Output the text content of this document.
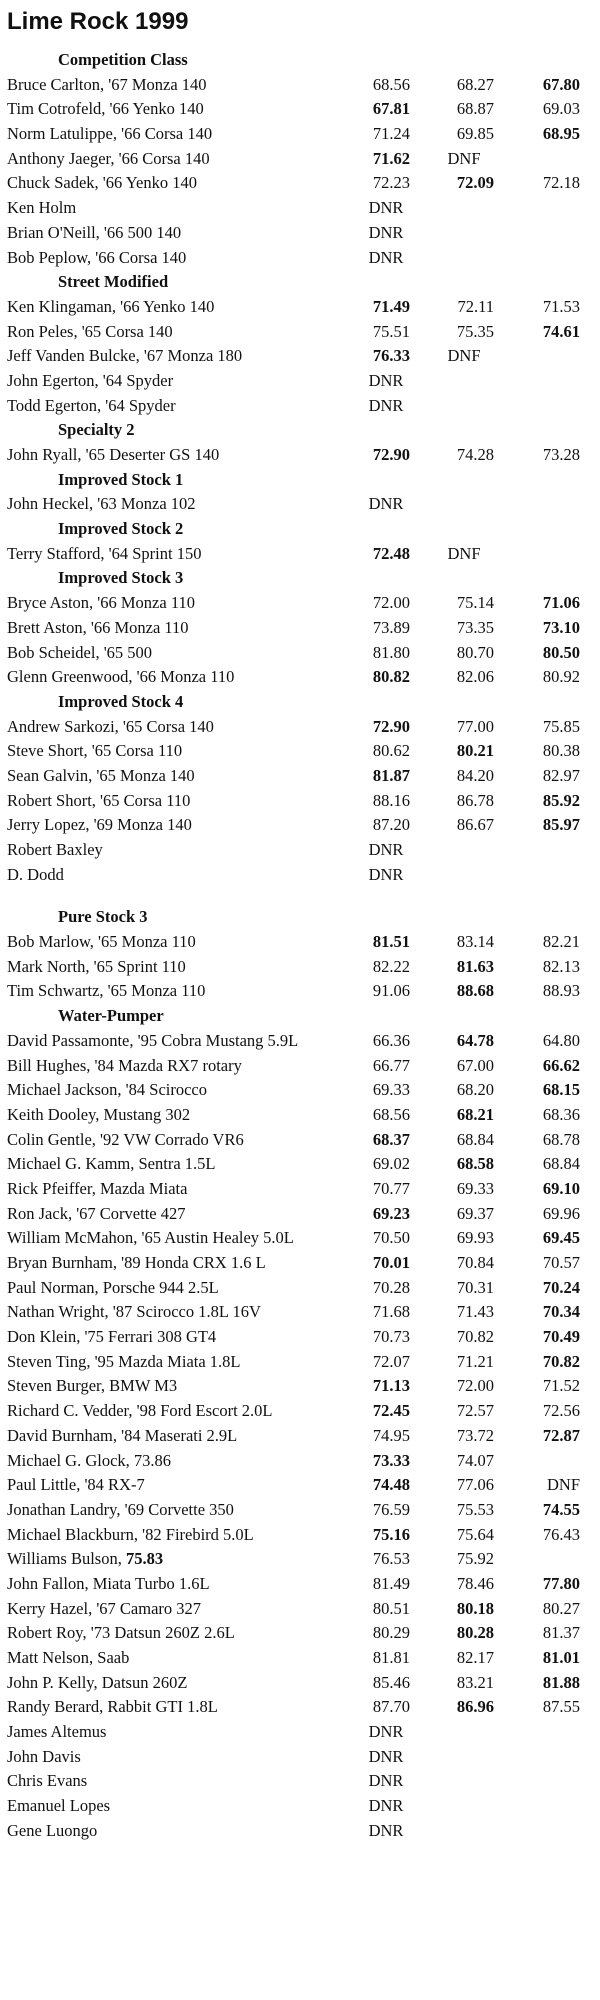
Lime Rock 1999
Competition Class
Bruce Carlton, '67 Monza 140	68.56	68.27	67.80
Tim Cotrofeld, '66 Yenko 140	67.81	68.87	69.03
Norm Latulippe, '66 Corsa 140	71.24	69.85	68.95
Anthony Jaeger, '66 Corsa 140	71.62	DNF
Chuck Sadek, '66 Yenko 140	72.23	72.09	72.18
Ken Holm	DNR
Brian O'Neill, '66 500 140	DNR
Bob Peplow, '66 Corsa 140	DNR
Street Modified
Ken Klingaman, '66 Yenko 140	71.49	72.11	71.53
Ron Peles, '65 Corsa 140	75.51	75.35	74.61
Jeff Vanden Bulcke, '67 Monza 180	76.33	DNF
John Egerton, '64 Spyder	DNR
Todd Egerton, '64 Spyder	DNR
Specialty 2
John Ryall, '65 Deserter GS 140	72.90	74.28	73.28
Improved Stock 1
John Heckel, '63 Monza 102	DNR
Improved Stock 2
Terry Stafford, '64 Sprint 150	72.48	DNF
Improved Stock 3
Bryce Aston, '66 Monza 110	72.00	75.14	71.06
Brett Aston, '66 Monza 110	73.89	73.35	73.10
Bob Scheidel, '65 500	81.80	80.70	80.50
Glenn Greenwood, '66 Monza 110	80.82	82.06	80.92
Improved Stock 4
Andrew Sarkozi, '65 Corsa 140	72.90	77.00	75.85
Steve Short, '65 Corsa 110	80.62	80.21	80.38
Sean Galvin, '65 Monza 140	81.87	84.20	82.97
Robert Short, '65 Corsa 110	88.16	86.78	85.92
Jerry Lopez, '69 Monza 140	87.20	86.67	85.97
Robert Baxley	DNR
D. Dodd	DNR
Pure Stock 3
Bob Marlow, '65 Monza 110	81.51	83.14	82.21
Mark North, '65 Sprint 110	82.22	81.63	82.13
Tim Schwartz, '65 Monza 110	91.06	88.68	88.93
Water-Pumper
David Passamonte, '95 Cobra Mustang 5.9L	66.36	64.78	64.80
Bill Hughes, '84 Mazda RX7 rotary	66.77	67.00	66.62
Michael Jackson, '84 Scirocco	69.33	68.20	68.15
Keith Dooley, Mustang 302	68.56	68.21	68.36
Colin Gentle, '92 VW Corrado VR6	68.37	68.84	68.78
Michael G. Kamm, Sentra 1.5L	69.02	68.58	68.84
Rick Pfeiffer, Mazda Miata	70.77	69.33	69.10
Ron Jack, '67 Corvette 427	69.23	69.37	69.96
William McMahon, '65 Austin Healey 5.0L	70.50	69.93	69.45
Bryan Burnham, '89 Honda CRX 1.6 L	70.01	70.84	70.57
Paul Norman, Porsche 944 2.5L	70.28	70.31	70.24
Nathan Wright, '87 Scirocco 1.8L 16V	71.68	71.43	70.34
Don Klein, '75 Ferrari 308 GT4	70.73	70.82	70.49
Steven Ting, '95 Mazda Miata 1.8L	72.07	71.21	70.82
Steven Burger, BMW M3	71.13	72.00	71.52
Richard C. Vedder, '98 Ford Escort 2.0L	72.45	72.57	72.56
David Burnham, '84 Maserati 2.9L	74.95	73.72	72.87
Michael G. Glock, 73.86	73.33	74.07
Paul Little, '84 RX-7	74.48	77.06	DNF
Jonathan Landry, '69 Corvette 350	76.59	75.53	74.55
Michael Blackburn, '82 Firebird 5.0L	75.16	75.64	76.43
Williams Bulson, 75.83	76.53	75.92
John Fallon, Miata Turbo 1.6L	81.49	78.46	77.80
Kerry Hazel, '67 Camaro 327	80.51	80.18	80.27
Robert Roy, '73 Datsun 260Z 2.6L	80.29	80.28	81.37
Matt Nelson, Saab	81.81	82.17	81.01
John P. Kelly, Datsun 260Z	85.46	83.21	81.88
Randy Berard, Rabbit GTI 1.8L	87.70	86.96	87.55
James Altemus	DNR
John Davis	DNR
Chris Evans	DNR
Emanuel Lopes	DNR
Gene Luongo	DNR
